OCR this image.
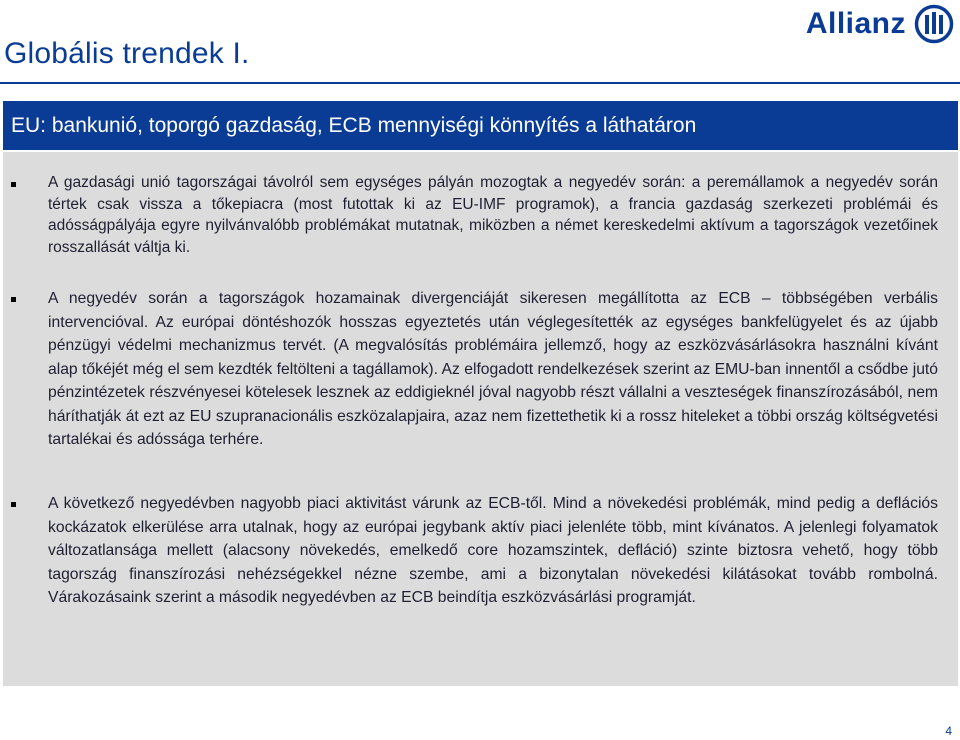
Globális trendek I.
Allianz
EU: bankunió, toporgó gazdaság, ECB mennyiségi könnyítés a láthatáron
A gazdasági unió tagországai távolról sem egységes pályán mozogtak a negyedév során: a peremállamok a negyedév során tértek csak vissza a tőkepiacra (most futottak ki az EU-IMF programok), a francia gazdaság szerkezeti problémái és adósságpályája egyre nyilvánvalóbb problémákat mutatnak, miközben a német kereskedelmi aktívum a tagországok vezetőinek rosszallását váltja ki.
A negyedév során a tagországok hozamainak divergenciáját sikeresen megállította az ECB – többségében verbális intervencióval. Az európai döntéshozók hosszas egyeztetés után véglegesítették az egységes bankfelügyelet és az újabb pénzügyi védelmi mechanizmus tervét. (A megvalósítás problémáira jellemző, hogy az eszközvásárlásokra használni kívánt alap tőkéjét még el sem kezdték feltölteni a tagállamok). Az elfogadott rendelkezések szerint az EMU-ban innentől a csődbe jutó pénzintézetek részvényesei kötelesek lesznek az eddigieknél jóval nagyobb részt vállalni a veszteségek finanszírozásából, nem háríthatják át ezt az EU szupranacionális eszközalapjaira, azaz nem fizettethetik ki a rossz hiteleket a többi ország költségvetési tartalékai és adóssága terhére.
A következő negyedévben nagyobb piaci aktivitást várunk az ECB-től. Mind a növekedési problémák, mind pedig a deflációs kockázatok elkerülése arra utalnak, hogy az európai jegybank aktív piaci jelenléte több, mint kívánatos. A jelenlegi folyamatok változatlansága mellett (alacsony növekedés, emelkedő core hozamszintek, defláció) szinte biztosra vehető, hogy több tagország finanszírozási nehézségekkel nézne szembe, ami a bizonytalan növekedési kilátásokat tovább rombolná. Várakozásaink szerint a második negyedévben az ECB beindítja eszközvásárlási programját.
4
